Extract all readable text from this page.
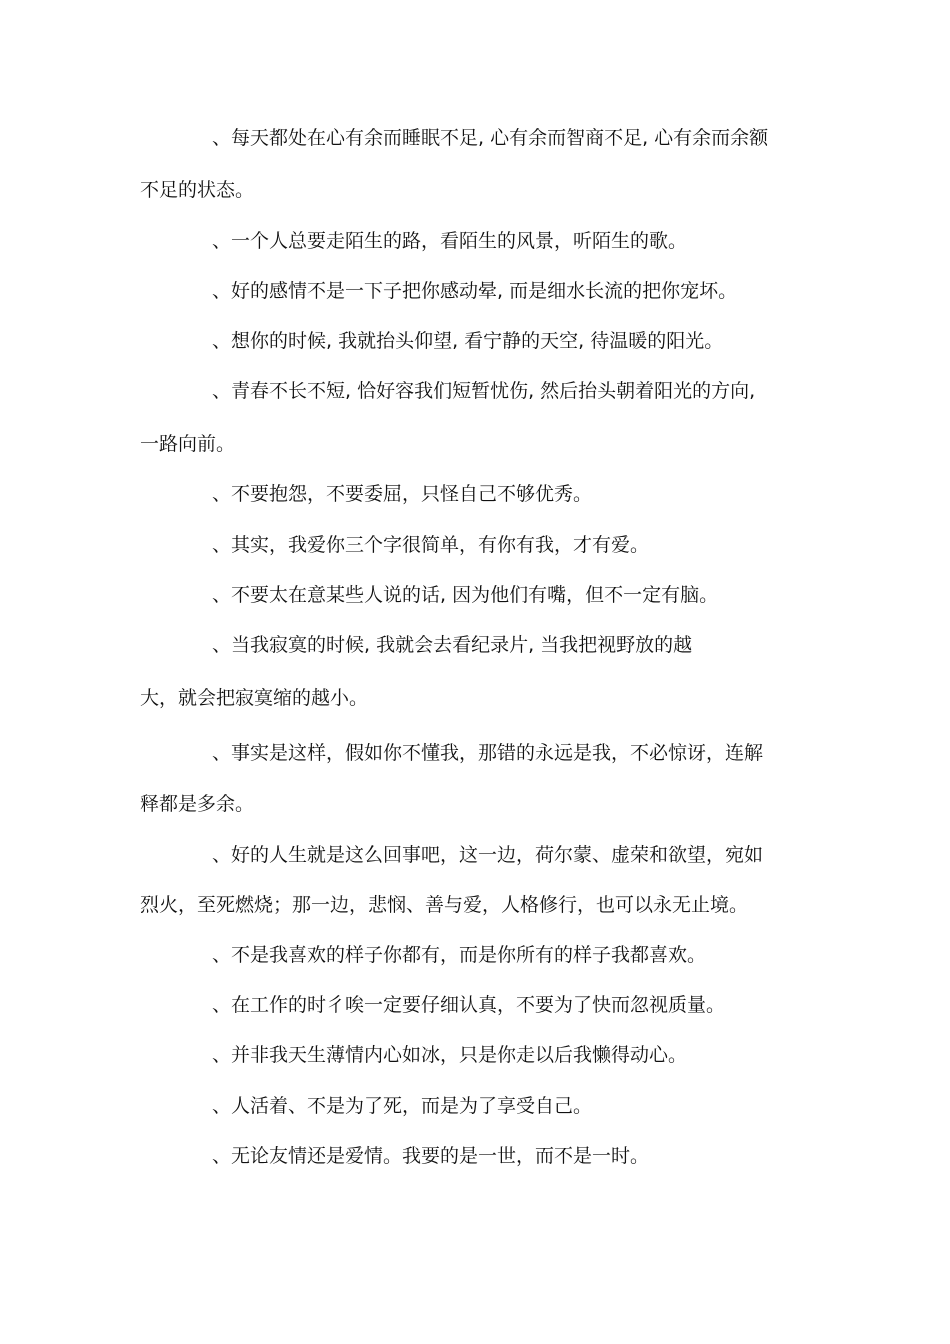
、每天都处在心有余而睡眠不足, 心有余而智商不足, 心有余而余额
不足的状态。
、一个人总要走陌生的路，看陌生的风景，听陌生的歌。
、好的感情不是一下子把你感动晕, 而是细水长流的把你宠坏。
、想你的时候, 我就抬头仰望, 看宁静的天空, 待温暖的阳光。
、青春不长不短, 恰好容我们短暂忧伤, 然后抬头朝着阳光的方向,
一路向前。
、不要抱怨，不要委屈，只怪自己不够优秀。
、其实，我爱你三个字很简单，有你有我，才有爱。
、不要太在意某些人说的话, 因为他们有嘴，但不一定有脑。
、当我寂寞的时候, 我就会去看纪录片, 当我把视野放的越
大，就会把寂寞缩的越小。
、事实是这样，假如你不懂我，那错的永远是我，不必惊讶，连解
释都是多余。
、好的人生就是这么回事吧，这一边，荷尔蒙、虚荣和欲望，宛如
烈火，至死燃烧；那一边，悲悯、善与爱，人格修行，也可以永无止境。
、不是我喜欢的样子你都有，而是你所有的样子我都喜欢。
、在工作的时彳唉一定要仔细认真，不要为了快而忽视质量。
、并非我天生薄情内心如冰，只是你走以后我懒得动心。
、人活着、不是为了死，而是为了享受自己。
、无论友情还是爱情。我要的是一世，而不是一时。
